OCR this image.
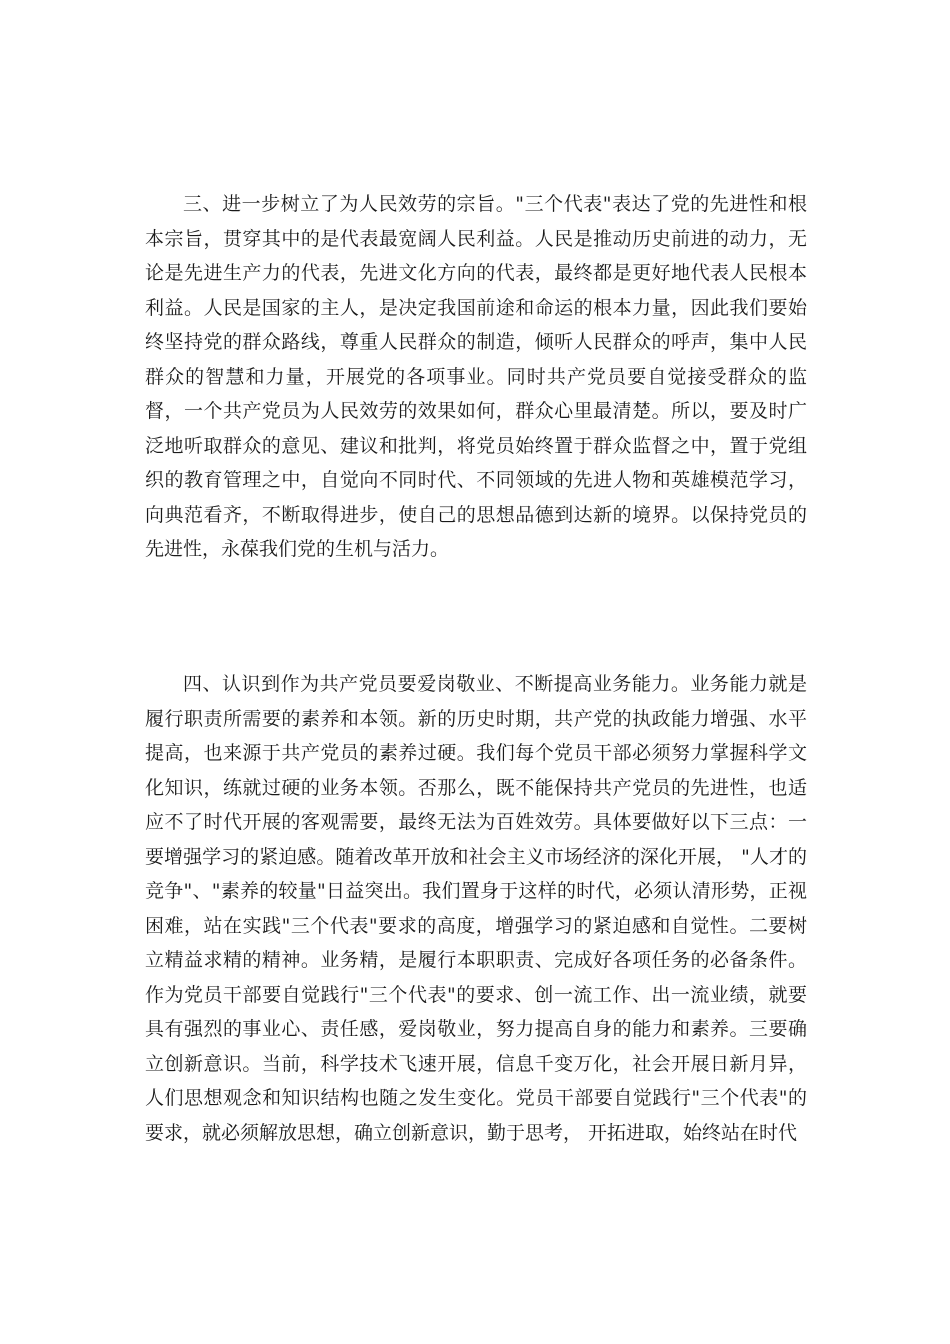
三、进一步树立了为人民效劳的宗旨。"三个代表"表达了党的先进性和根本宗旨，贯穿其中的是代表最宽阔人民利益。人民是推动历史前进的动力，无论是先进生产力的代表，先进文化方向的代表，最终都是更好地代表人民根本利益。人民是国家的主人，是决定我国前途和命运的根本力量，因此我们要始终坚持党的群众路线，尊重人民群众的制造，倾听人民群众的呼声，集中人民群众的智慧和力量，开展党的各项事业。同时共产党员要自觉接受群众的监督，一个共产党员为人民效劳的效果如何，群众心里最清楚。所以，要及时广泛地听取群众的意见、建议和批判，将党员始终置于群众监督之中，置于党组织的教育管理之中，自觉向不同时代、不同领域的先进人物和英雄模范学习，向典范看齐，不断取得进步，使自己的思想品德到达新的境界。以保持党员的先进性，永葆我们党的生机与活力。

四、认识到作为共产党员要爱岗敬业、不断提高业务能力。业务能力就是履行职责所需要的素养和本领。新的历史时期，共产党的执政能力增强、水平提高，也来源于共产党员的素养过硬。我们每个党员干部必须努力掌握科学文化知识，练就过硬的业务本领。否那么，既不能保持共产党员的先进性，也适应不了时代开展的客观需要，最终无法为百姓效劳。具体要做好以下三点：一要增强学习的紧迫感。随着改革开放和社会主义市场经济的深化开展， "人才的竞争"、"素养的较量"日益突出。我们置身于这样的时代，必须认清形势，正视困难，站在实践"三个代表"要求的高度，增强学习的紧迫感和自觉性。二要树立精益求精的精神。业务精，是履行本职职责、完成好各项任务的必备条件。作为党员干部要自觉践行"三个代表"的要求、创一流工作、出一流业绩，就要具有强烈的事业心、责任感，爱岗敬业，努力提高自身的能力和素养。三要确立创新意识。当前，科学技术飞速开展，信息千变万化，社会开展日新月异，人们思想观念和知识结构也随之发生变化。党员干部要自觉践行"三个代表"的要求，就必须解放思想，确立创新意识，勤于思考， 开拓进取，始终站在时代
